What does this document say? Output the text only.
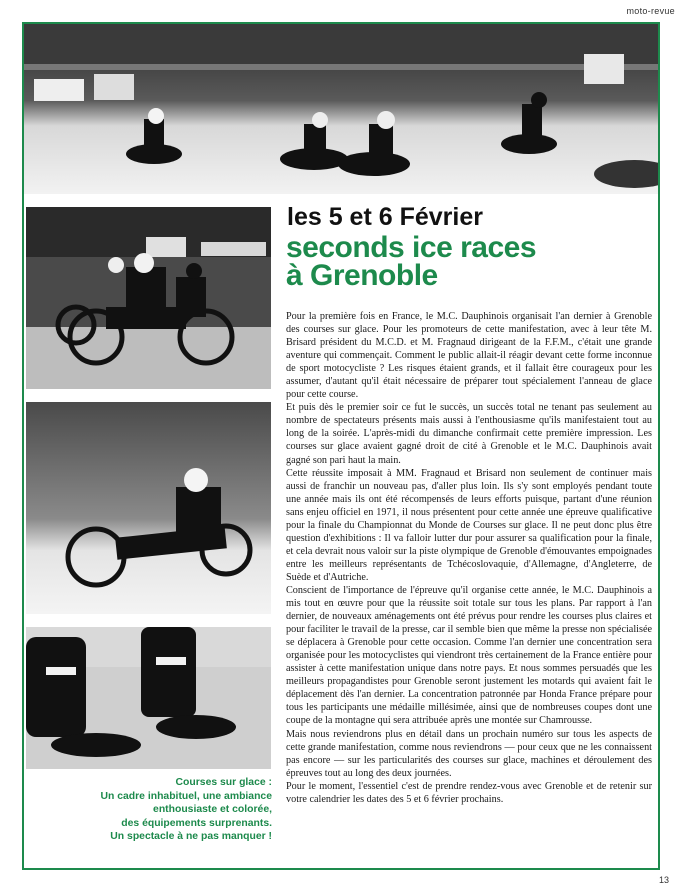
moto-revue
les 5 et 6 Février
seconds ice races
à Grenoble

Pour la première fois en France, le M.C. Dauphinois organisait l'an dernier à Grenoble des courses sur glace. Pour les promoteurs de cette manifestation, avec à leur tête M. Brisard président du M.C.D. et M. Fragnaud dirigeant de la F.F.M., c'était une grande aventure qui commençait. Comment le public allait-il réagir devant cette forme inconnue de sport motocycliste ? Les risques étaient grands, et il fallait être courageux pour les assumer, d'autant qu'il était nécessaire de préparer tout spécialement l'anneau de glace pour cette course.

Et puis dès le premier soir ce fut le succès, un succès total ne tenant pas seulement au nombre de spectateurs présents mais aussi à l'enthousiasme qu'ils manifestaient tout au long de la soirée. L'après-midi du dimanche confirmait cette première impression. Les courses sur glace avaient gagné droit de cité à Grenoble et le M.C. Dauphinois avait gagné son pari haut la main.

Cette réussite imposait à MM. Fragnaud et Brisard non seulement de continuer mais aussi de franchir un nouveau pas, d'aller plus loin. Ils s'y sont employés pendant toute une année mais ils ont été récompensés de leurs efforts puisque, partant d'une réunion sans enjeu officiel en 1971, il nous présentent pour cette année une épreuve qualificative pour la finale du Championnat du Monde de Courses sur glace. Il ne peut donc plus être question d'exhibitions : Il va falloir lutter dur pour assurer sa qualification pour la finale, et cela devrait nous valoir sur la piste olympique de Grenoble d'émouvantes empoignades entre les meilleurs représentants de Tchécoslovaquie, d'Allemagne, d'Angleterre, de Suède et d'Autriche.

Conscient de l'importance de l'épreuve qu'il organise cette année, le M.C. Dauphinois a mis tout en œuvre pour que la réussite soit totale sur tous les plans. Par rapport à l'an dernier, de nouveaux aménagements ont été prévus pour rendre les courses plus claires et pour faciliter le travail de la presse, car il semble bien que même la presse non spécialisée se déplacera à Grenoble pour cette occasion. Comme l'an dernier une concentration sera organisée pour les motocyclistes qui viendront très certainement de la France entière pour assister à cette manifestation unique dans notre pays. Et nous sommes persuadés que les meilleurs propagandistes pour Grenoble seront justement les motards qui avaient fait le déplacement dès l'an dernier. La concentration patronnée par Honda France prépare pour tous les participants une médaille millésimée, ainsi que de nombreuses coupes dont une coupe de la montagne qui sera attribuée après une montée sur Chamrousse.

Mais nous reviendrons plus en détail dans un prochain numéro sur tous les aspects de cette grande manifestation, comme nous reviendrons — pour ceux que ne les connaissent pas encore — sur les particularités des courses sur glace, machines et déroulement des épreuves tout au long des deux journées.

Pour le moment, l'essentiel c'est de prendre rendez-vous avec Grenoble et de retenir sur votre calendrier les dates des 5 et 6 février prochains.

Courses sur glace :
Un cadre inhabituel, une ambiance
enthousiaste et colorée,
des équipements surprenants.
Un spectacle à ne pas manquer !
13
